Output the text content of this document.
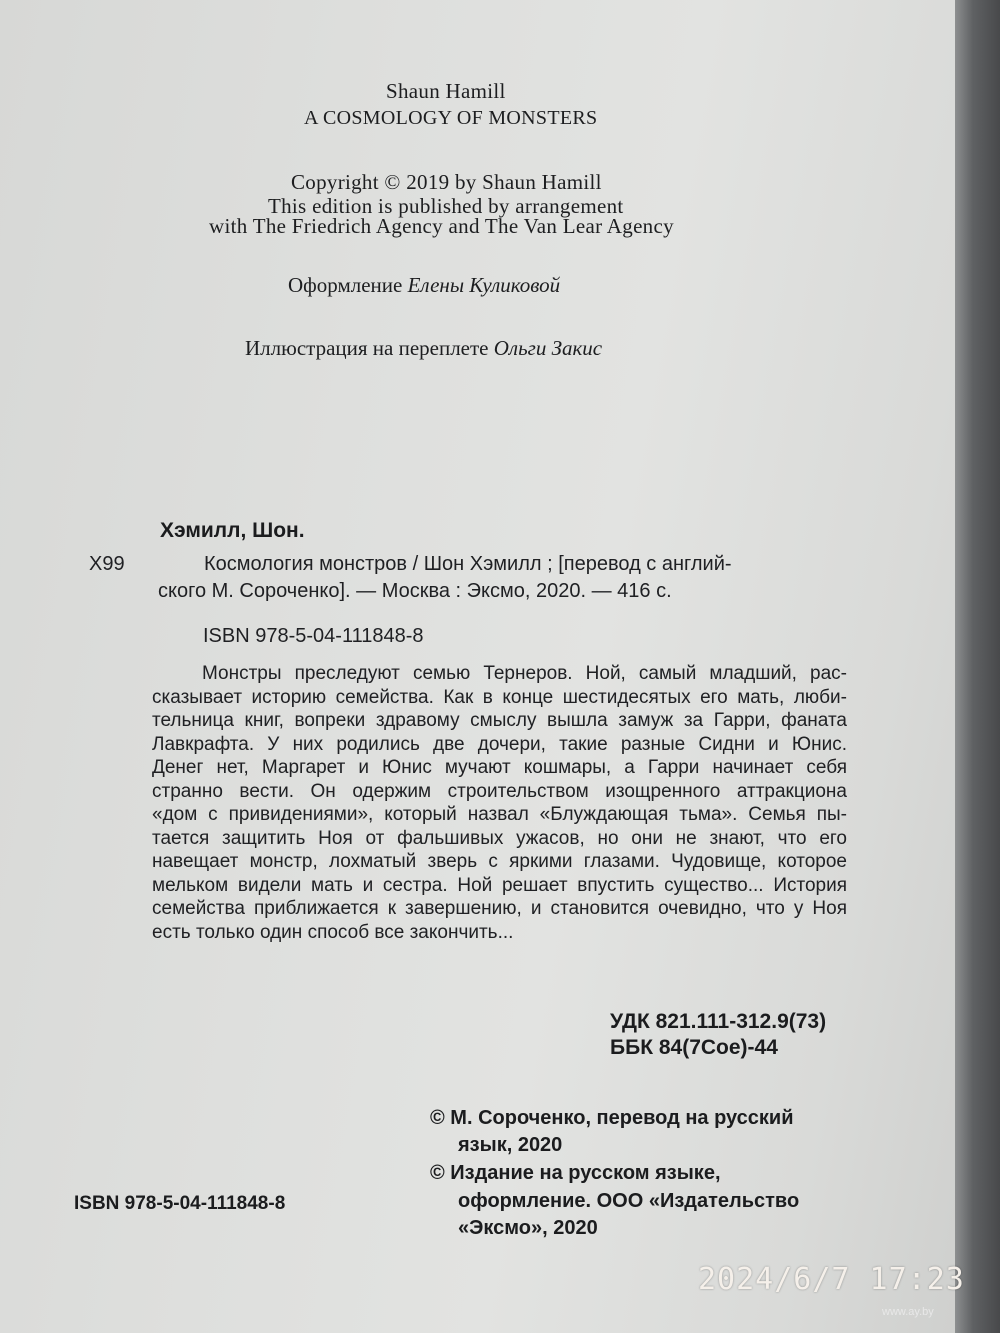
Shaun Hamill
A COSMOLOGY OF MONSTERS
Copyright © 2019 by Shaun Hamill
This edition is published by arrangement
with The Friedrich Agency and The Van Lear Agency
Оформление Елены Куликовой
Иллюстрация на переплете Ольги Закис
Хэмилл, Шон.
Х99	Космология монстров / Шон Хэмилл ; [перевод с англий-
ского М. Сороченко]. — Москва : Эксмо, 2020. — 416 с.
ISBN 978-5-04-111848-8
Монстры преследуют семью Тернеров. Ной, самый младший, рас-
сказывает историю семейства. Как в конце шестидесятых его мать, люби-
тельница книг, вопреки здравому смыслу вышла замуж за Гарри, фаната
Лавкрафта. У них родились две дочери, такие разные Сидни и Юнис.
Денег нет, Маргарет и Юнис мучают кошмары, а Гарри начинает себя
странно вести. Он одержим строительством изощренного аттракциона
«дом с привидениями», который назвал «Блуждающая тьма». Семья пы-
тается защитить Ноя от фальшивых ужасов, но они не знают, что его
навещает монстр, лохматый зверь с яркими глазами. Чудовище, которое
мельком видели мать и сестра. Ной решает впустить существо... История
семейства приближается к завершению, и становится очевидно, что у Ноя
есть только один способ все закончить...
УДК 821.111-312.9(73)
ББК 84(7Сое)-44
© М. Сороченко, перевод на русский
язык, 2020
© Издание на русском языке,
оформление. ООО «Издательство
«Эксмо», 2020
ISBN 978-5-04-111848-8
2024/6/7 17:23
www.ay.by
